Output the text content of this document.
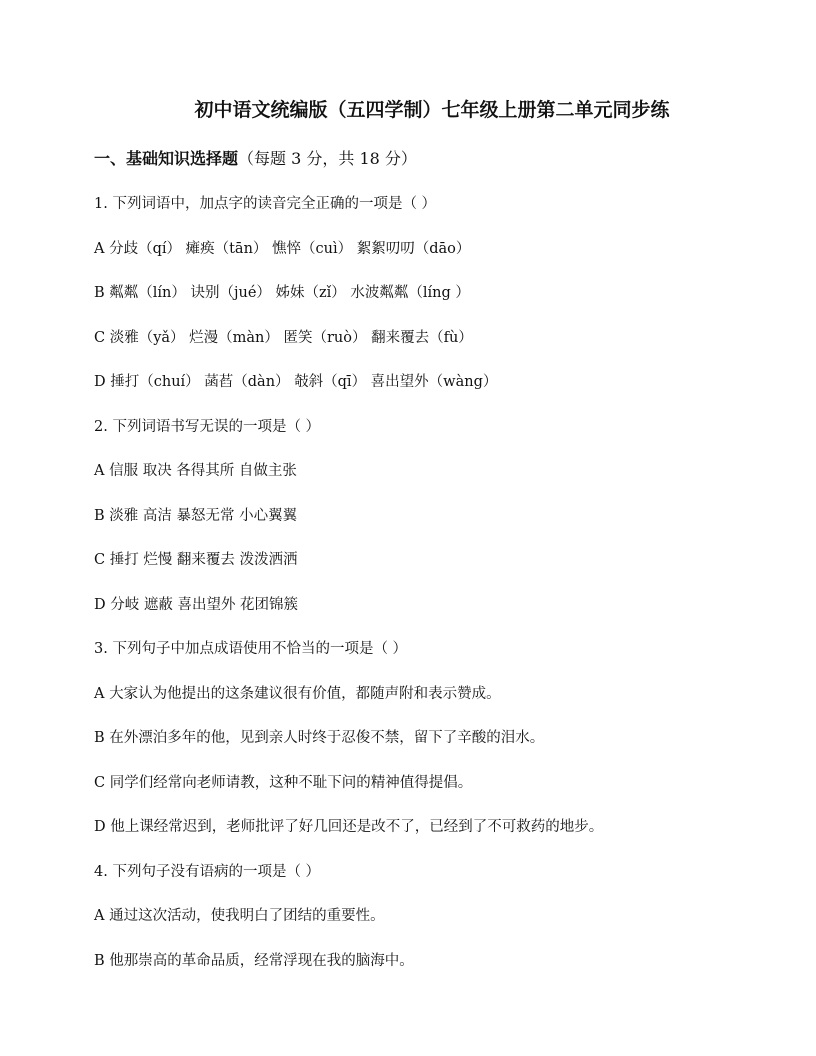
初中语文统编版（五四学制）七年级上册第二单元同步练
一、基础知识选择题（每题 3 分，共 18 分）
1. 下列词语中，加点字的读音完全正确的一项是（ ）
A 分歧（qí） 瘫痪（tān） 憔悴（cuì） 絮絮叨叨（dāo）
B 粼粼（lín） 诀别（jué） 姊妹（zǐ） 水波粼粼（líng ）
C 淡雅（yǎ） 烂漫（màn） 匿笑（ruò） 翻来覆去（fù）
D 捶打（chuí） 菡萏（dàn） 攲斜（qī） 喜出望外（wàng）
2. 下列词语书写无误的一项是（ ）
A 信服 取决 各得其所 自做主张
B 淡雅 高洁 暴怒无常 小心翼翼
C 捶打 烂慢 翻来覆去 泼泼洒洒
D 分岐 遮蔽 喜出望外 花团锦簇
3. 下列句子中加点成语使用不恰当的一项是（ ）
A 大家认为他提出的这条建议很有价值，都随声附和表示赞成。
B 在外漂泊多年的他，见到亲人时终于忍俊不禁，留下了辛酸的泪水。
C 同学们经常向老师请教，这种不耻下问的精神值得提倡。
D 他上课经常迟到，老师批评了好几回还是改不了，已经到了不可救药的地步。
4. 下列句子没有语病的一项是（ ）
A 通过这次活动，使我明白了团结的重要性。
B 他那崇高的革命品质，经常浮现在我的脑海中。
